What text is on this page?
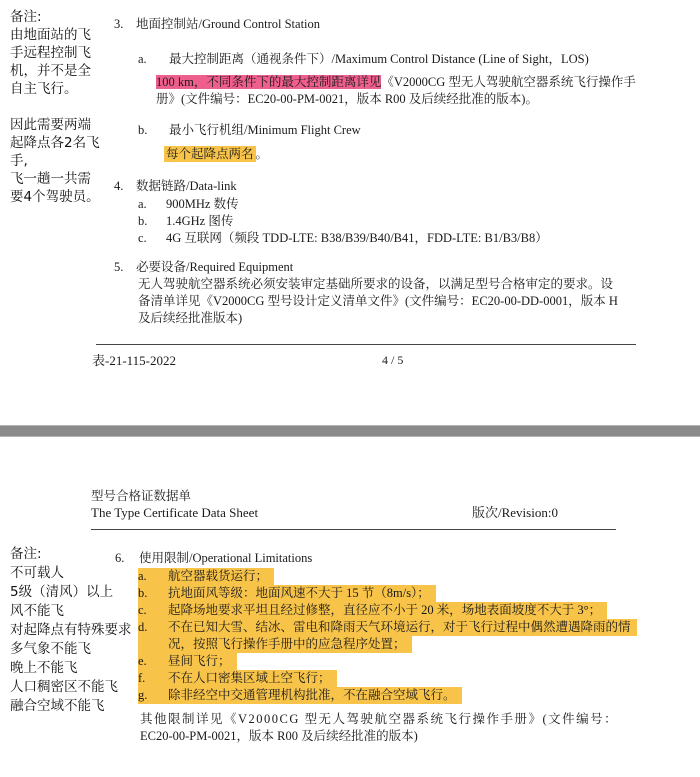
备注:
由地面站的飞
手远程控制飞
机，并不是全
自主飞行。
因此需要两端
起降点各2名飞
手,
飞一趟一共需
要4个驾驶员。
3. 地面控制站/Ground Control Station
a. 最大控制距离（通视条件下）/Maximum Control Distance (Line of Sight，LOS)
100 km，不同条件下的最大控制距离详见《V2000CG 型无人驾驶航空器系统飞行操作手
册》(文件编号：EC20-00-PM-0021，版本 R00 及后续经批准的版本)。
b. 最小飞行机组/Minimum Flight Crew
每个起降点两名 。
4. 数据链路/Data-link
a. 900MHz 数传
b. 1.4GHz 图传
c. 4G 互联网（频段 TDD-LTE: B38/B39/B40/B41，FDD-LTE: B1/B3/B8）
5. 必要设备/Required Equipment
无人驾驶航空器系统必须安装审定基础所要求的设备，以满足型号合格审定的要求。设
备清单详见《V2000CG 型号设计定义清单文件》(文件编号：EC20-00-DD-0001，版本 H
及后续经批准版本)
表-21-115-2022	4 / 5
型号合格证数据单
The Type Certificate Data Sheet	版次/Revision:0
备注:
不可载人
5级（清风）以上
风不能飞
对起降点有特殊要求
多气象不能飞
晚上不能飞
人口稠密区不能飞
融合空域不能飞
6. 使用限制/Operational Limitations
a. 航空器载货运行；
b. 抗地面风等级：地面风速不大于 15 节（8m/s）；
c. 起降场地要求平坦且经过修整，直径应不小于 20 米，场地表面坡度不大于 3°；
d. 不在已知大雪、结冰、雷电和降雨天气环境运行，对于飞行过程中偶然遭遇降雨的情
况，按照飞行操作手册中的应急程序处置；
e. 昼间飞行；
f. 不在人口密集区域上空飞行；
g. 除非经空中交通管理机构批准，不在融合空域飞行。
其他限制详见《V2000CG 型无人驾驶航空器系统飞行操作手册》(文件编号：
EC20-00-PM-0021，版本 R00 及后续经批准的版本)
